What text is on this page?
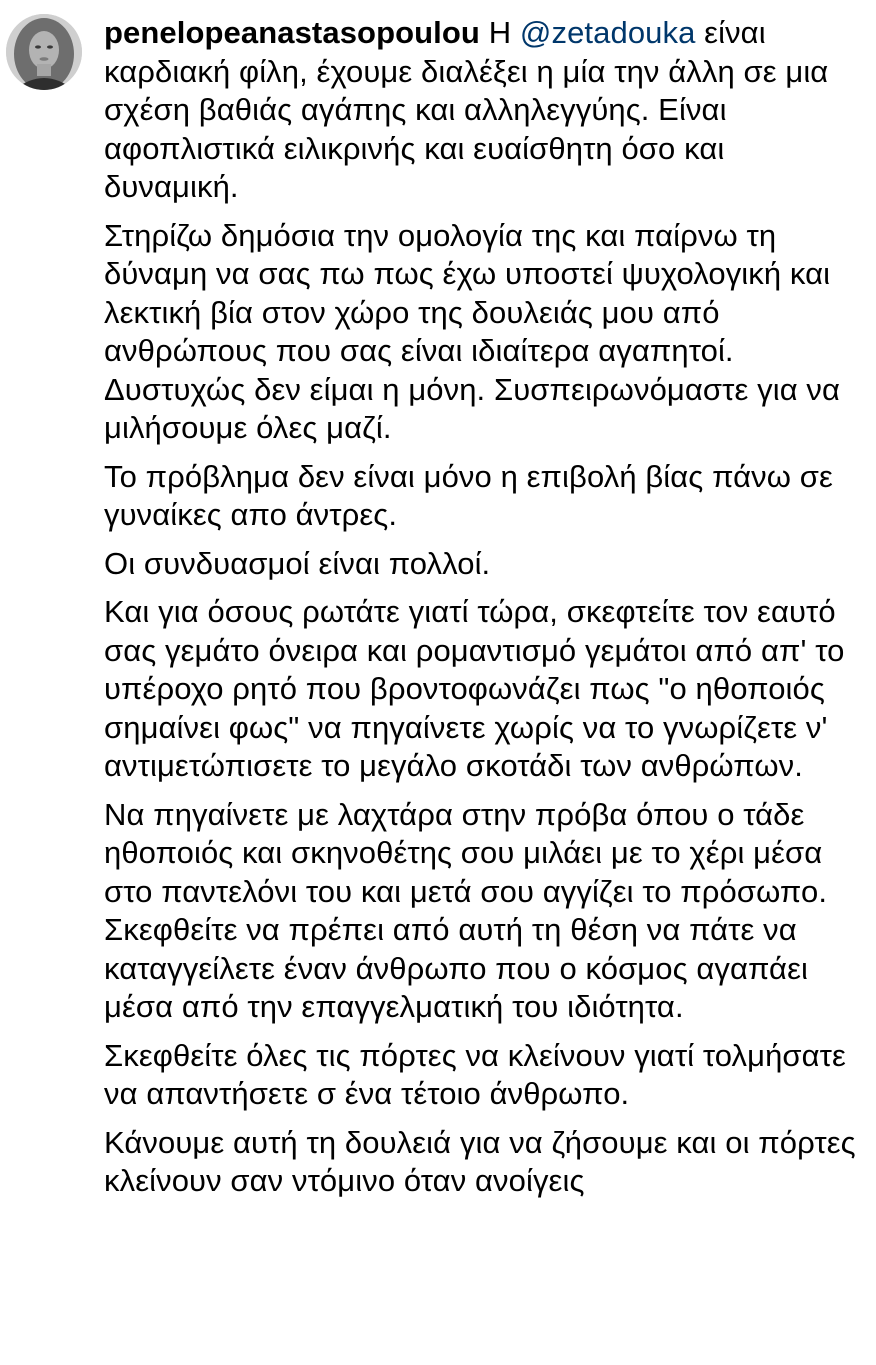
penelopeanastasopoulou Η @zetadouka είναι καρδιακή φίλη, έχουμε διαλέξει η μία την άλλη σε μια σχέση βαθιάς αγάπης και αλληλεγγύης. Είναι αφοπλιστικά ειλικρινής και ευαίσθητη όσο και δυναμική.

Στηρίζω δημόσια την ομολογία της και παίρνω τη δύναμη να σας πω πως έχω υποστεί ψυχολογική και λεκτική βία στον χώρο της δουλειάς μου από ανθρώπους που σας είναι ιδιαίτερα αγαπητοί. Δυστυχώς δεν είμαι η μόνη. Συσπειρωνόμαστε για να μιλήσουμε όλες μαζί.

Το πρόβλημα δεν είναι μόνο η επιβολή βίας πάνω σε γυναίκες απο άντρες.

Οι συνδυασμοί είναι πολλοί.

Και για όσους ρωτάτε γιατί τώρα, σκεφτείτε τον εαυτό σας γεμάτο όνειρα και ρομαντισμό γεμάτοι από απ' το υπέροχο ρητό που βροντοφωνάζει πως "ο ηθοποιός σημαίνει φως" να πηγαίνετε χωρίς να το γνωρίζετε ν' αντιμετώπισετε το μεγάλο σκοτάδι των ανθρώπων.

Να πηγαίνετε με λαχτάρα στην πρόβα όπου ο τάδε ηθοποιός και σκηνοθέτης σου μιλάει με το χέρι μέσα στο παντελόνι του και μετά σου αγγίζει το πρόσωπο. Σκεφθείτε να πρέπει από αυτή τη θέση να πάτε να καταγγείλετε έναν άνθρωπο που ο κόσμος αγαπάει μέσα από την επαγγελματική του ιδιότητα.

Σκεφθείτε όλες τις πόρτες να κλείνουν γιατί τολμήσατε να απαντήσετε σ ένα τέτοιο άνθρωπο.

Κάνουμε αυτή τη δουλειά για να ζήσουμε και οι πόρτες κλείνουν σαν ντόμινο όταν ανοίγεις
